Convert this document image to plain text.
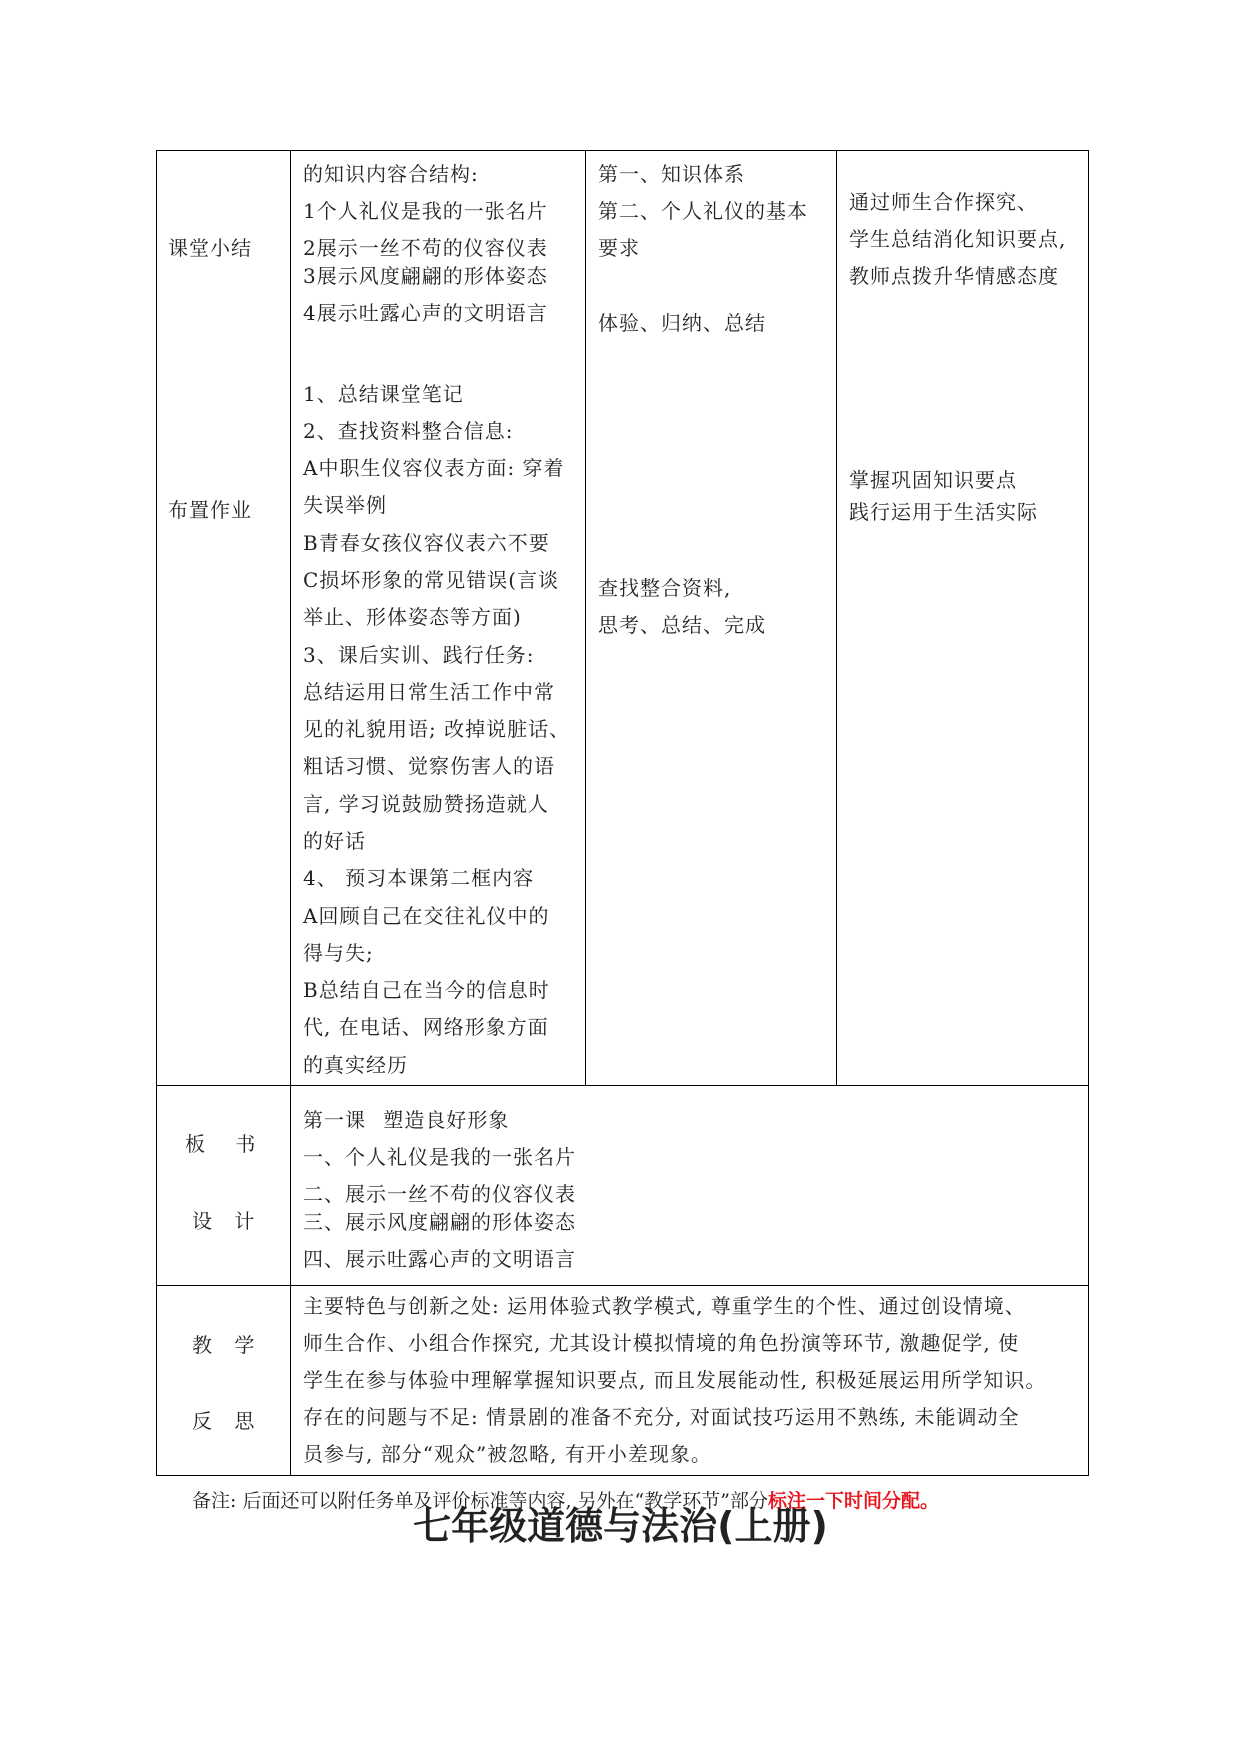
课堂小结
的知识内容合结构:
1个人礼仪是我的一张名片
2展示一丝不苟的仪容仪表
3展示风度翩翩的形体姿态
4展示吐露心声的文明语言
第一、知识体系
第二、个人礼仪的基本
要求
体验、归纳、总结
通过师生合作探究、
学生总结消化知识要点,
教师点拨升华情感态度
布置作业
1、总结课堂笔记
2、查找资料整合信息:
A中职生仪容仪表方面: 穿着
失误举例
B青春女孩仪容仪表六不要
C损坏形象的常见错误(言谈
举止、形体姿态等方面)
3、课后实训、践行任务:
总结运用日常生活工作中常
见的礼貌用语; 改掉说脏话、
粗话习惯、觉察伤害人的语
言, 学习说鼓励赞扬造就人
的好话
4、 预习本课第二框内容
A回顾自己在交往礼仪中的
得与失;
B总结自己在当今的信息时
代, 在电话、网络形象方面
的真实经历
查找整合资料,
思考、总结、完成
掌握巩固知识要点
践行运用于生活实际
板 书
设 计
第一课 塑造良好形象
一、个人礼仪是我的一张名片
二、展示一丝不苟的仪容仪表
三、展示风度翩翩的形体姿态
四、展示吐露心声的文明语言
教 学
反 思
主要特色与创新之处: 运用体验式教学模式, 尊重学生的个性、通过创设情境、
师生合作、小组合作探究, 尤其设计模拟情境的角色扮演等环节, 激趣促学, 使
学生在参与体验中理解掌握知识要点, 而且发展能动性, 积极延展运用所学知识。
存在的问题与不足: 情景剧的准备不充分, 对面试技巧运用不熟练, 未能调动全
员参与, 部分“观众”被忽略, 有开小差现象。
备注: 后面还可以附任务单及评价标准等内容, 另外在“教学环节”部分标注一下时间分配。
七年级道德与法治(上册)
